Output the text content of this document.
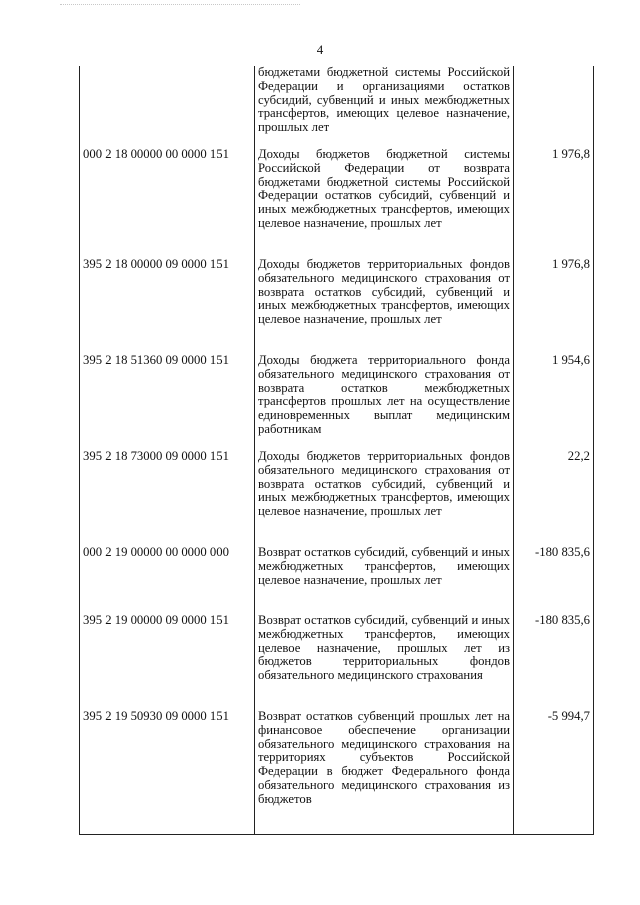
4
	бюджетами бюджетной системы Российской Федерации и организациями остатков субсидий, субвенций и иных межбюджетных трансфертов, имеющих целевое назначение, прошлых лет	
000 2 18 00000 00 0000 151	Доходы бюджетов бюджетной системы Российской Федерации от возврата бюджетами бюджетной системы Российской Федерации остатков субсидий, субвенций и иных межбюджетных трансфертов, имеющих целевое назначение, прошлых лет	1 976,8
395 2 18 00000 09 0000 151	Доходы бюджетов территориальных фондов обязательного медицинского страхования от возврата остатков субсидий, субвенций и иных межбюджетных трансфертов, имеющих целевое назначение, прошлых лет	1 976,8
395 2 18 51360 09 0000 151	Доходы бюджета территориального фонда обязательного медицинского страхования от возврата остатков межбюджетных трансфертов прошлых лет на осуществление единовременных выплат медицинским работникам	1 954,6
395 2 18 73000 09 0000 151	Доходы бюджетов территориальных фондов обязательного медицинского страхования от возврата остатков субсидий, субвенций и иных межбюджетных трансфертов, имеющих целевое назначение, прошлых лет	22,2
000 2 19 00000 00 0000 000	Возврат остатков субсидий, субвенций и иных межбюджетных трансфертов, имеющих целевое назначение, прошлых лет	-180 835,6
395 2 19 00000 09 0000 151	Возврат остатков субсидий, субвенций и иных межбюджетных трансфертов, имеющих целевое назначение, прошлых лет из бюджетов территориальных фондов обязательного медицинского страхования	-180 835,6
395 2 19 50930 09 0000 151	Возврат остатков субвенций прошлых лет на финансовое обеспечение организации обязательного медицинского страхования на территориях субъектов Российской Федерации в бюджет Федерального фонда обязательного медицинского страхования из бюджетов	-5 994,7
